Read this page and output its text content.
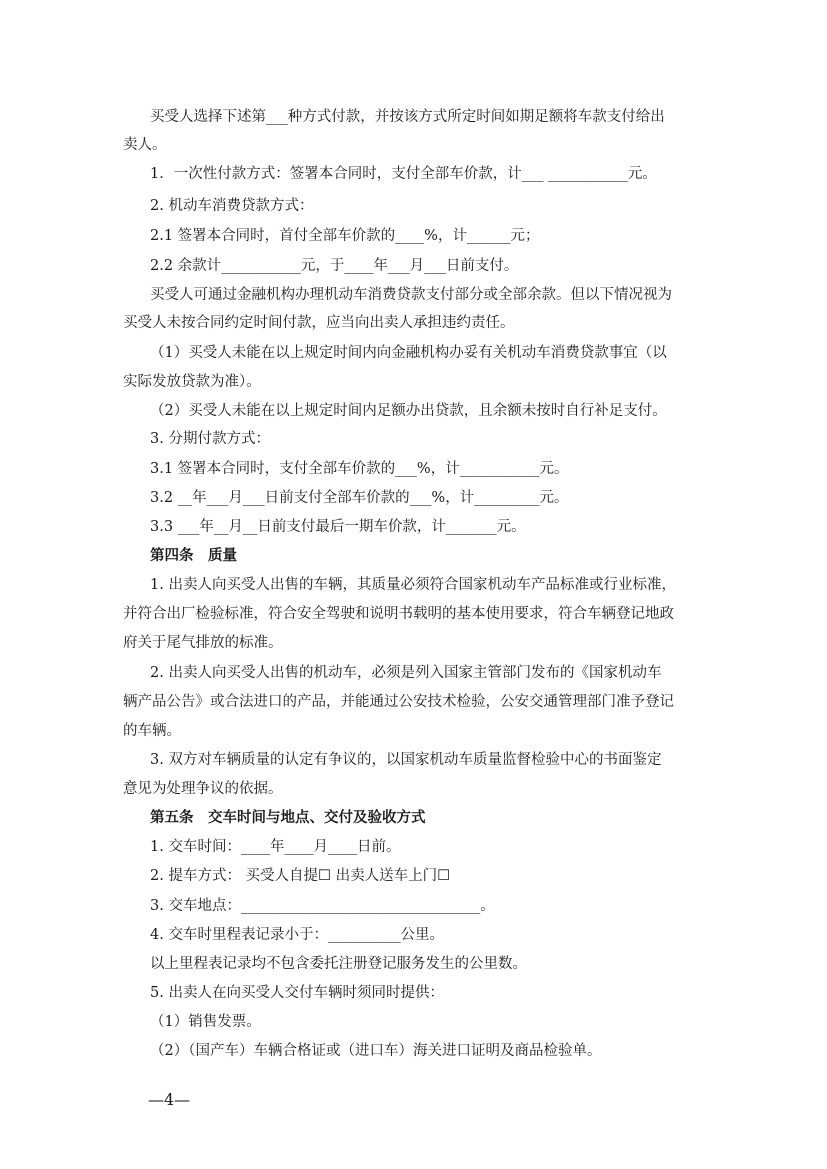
买受人选择下述第___种方式付款，并按该方式所定时间如期足额将车款支付给出
卖人。
1．一次性付款方式：签署本合同时，支付全部车价款，计___ ___________元。
2. 机动车消费贷款方式：
2.1 签署本合同时，首付全部车价款的____%，计______元；
2.2 余款计___________元，于____年___月___日前支付。
买受人可通过金融机构办理机动车消费贷款支付部分或全部余款。但以下情况视为
买受人未按合同约定时间付款，应当向出卖人承担违约责任。
（1）买受人未能在以上规定时间内向金融机构办妥有关机动车消费贷款事宜（以
实际发放贷款为准）。
（2）买受人未能在以上规定时间内足额办出贷款，且余额未按时自行补足支付。
3. 分期付款方式：
3.1 签署本合同时，支付全部车价款的___%，计___________元。
3.2 __年___月___日前支付全部车价款的___%，计_________元。
3.3 ___年__月__日前支付最后一期车价款，计_______元。
第四条　质量
1. 出卖人向买受人出售的车辆，其质量必须符合国家机动车产品标准或行业标准，
并符合出厂检验标准，符合安全驾驶和说明书载明的基本使用要求，符合车辆登记地政
府关于尾气排放的标准。
2. 出卖人向买受人出售的机动车，必须是列入国家主管部门发布的《国家机动车
辆产品公告》或合法进口的产品，并能通过公安技术检验，公安交通管理部门准予登记
的车辆。
3. 双方对车辆质量的认定有争议的，以国家机动车质量监督检验中心的书面鉴定
意见为处理争议的依据。
第五条　交车时间与地点、交付及验收方式
1. 交车时间：____年____月____日前。
2. 提车方式： 买受人自提☐ 出卖人送车上门☐
3. 交车地点：_________________________________。
4. 交车时里程表记录小于：__________公里。
以上里程表记录均不包含委托注册登记服务发生的公里数。
5. 出卖人在向买受人交付车辆时须同时提供：
（1）销售发票。
（2）（国产车）车辆合格证或（进口车）海关进口证明及商品检验单。
—4—
